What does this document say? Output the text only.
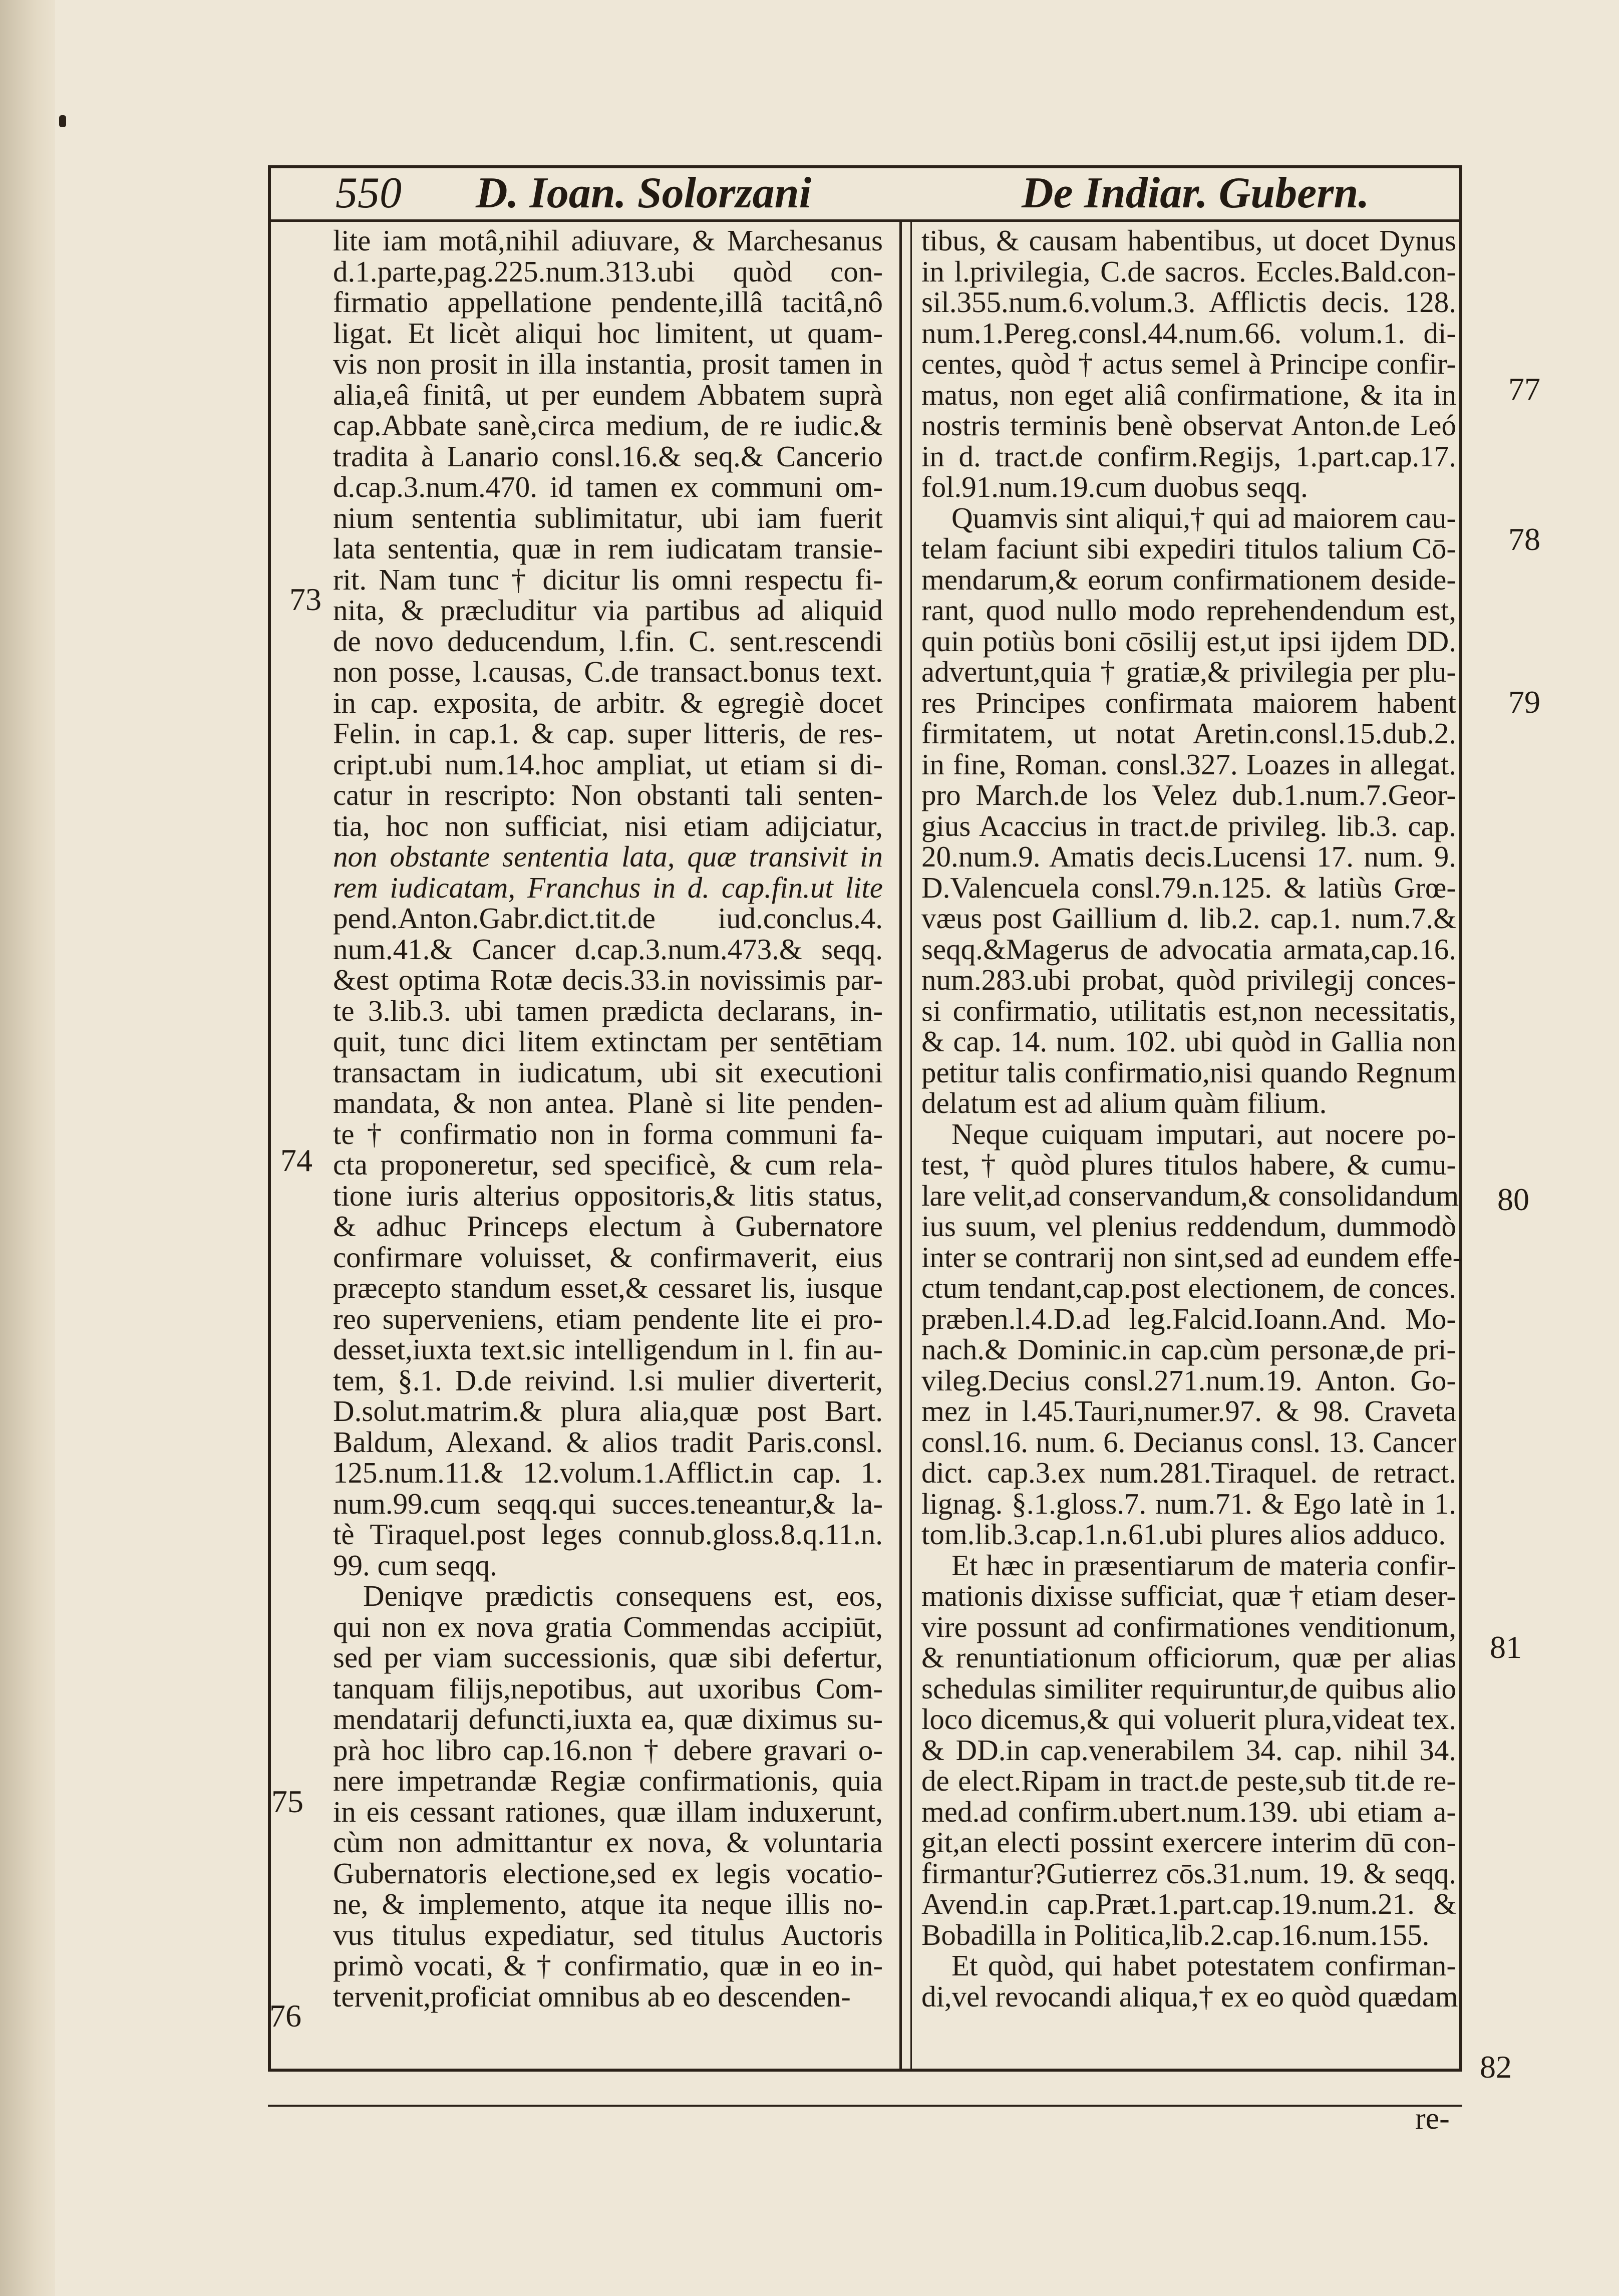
550 D. Ioan. Solorzani	De Indiar. Gubern.
lite iam motâ,nihil adiuvare, & Marchesanus
d.1.parte,pag.225.num.313.ubi quòd con-
firmatio appellatione pendente,illâ tacitâ,nô
ligat. Et licèt aliqui hoc limitent, ut quam-
vis non prosit in illa instantia, prosit tamen in
alia,eâ finitâ, ut per eundem Abbatem suprà
cap.Abbate sanè,circa medium, de re iudic.&
tradita à Lanario consl.16.& seq.& Cancerio
d.cap.3.num.470. id tamen ex communi om-
nium sententia sublimitatur, ubi iam fuerit
lata sententia, quæ in rem iudicatam transie-
rit. Nam tunc † dicitur lis omni respectu fi-
nita, & præcluditur via partibus ad aliquid
de novo deducendum, l.fin. C. sent.rescendi
non posse, l.causas, C.de transact.bonus text.
in cap. exposita, de arbitr. & egregiè docet
Felin. in cap.1. & cap. super litteris, de res-
cript.ubi num.14.hoc ampliat, ut etiam si di-
catur in rescripto: Non obstanti tali senten-
tia, hoc non sufficiat, nisi etiam adijciatur,
non obstante sententia lata, quæ transivit in
rem iudicatam, Franchus in d. cap.fin.ut lite
pend.Anton.Gabr.dict.tit.de iud.conclus.4.
num.41.& Cancer d.cap.3.num.473.& seqq.
&est optima Rotæ decis.33.in novissimis par-
te 3.lib.3. ubi tamen prædicta declarans, in-
quit, tunc dici litem extinctam per sentētiam
transactam in iudicatum, ubi sit executioni
mandata, & non antea. Planè si lite penden-
te † confirmatio non in forma communi fa-
cta proponeretur, sed specificè, & cum rela-
tione iuris alterius oppositoris,& litis status,
& adhuc Princeps electum à Gubernatore
confirmare voluisset, & confirmaverit, eius
præcepto standum esset,& cessaret lis, iusque
reo superveniens, etiam pendente lite ei pro-
desset,iuxta text.sic intelligendum in l. fin au-
tem, §.1. D.de reivind. l.si mulier diverterit,
D.solut.matrim.& plura alia,quæ post Bart.
Baldum, Alexand. & alios tradit Paris.consl.
125.num.11.& 12.volum.1.Afflict.in cap. 1.
num.99.cum seqq.qui succes.teneantur,& la-
tè Tiraquel.post leges connub.gloss.8.q.11.n.
99. cum seqq.
Deniqve prædictis consequens est, eos,
qui non ex nova gratia Commendas accipiūt,
sed per viam successionis, quæ sibi defertur,
tanquam filijs,nepotibus, aut uxoribus Com-
mendatarij defuncti,iuxta ea, quæ diximus su-
prà hoc libro cap.16.non † debere gravari o-
nere impetrandæ Regiæ confirmationis, quia
in eis cessant rationes, quæ illam induxerunt,
cùm non admittantur ex nova, & voluntaria
Gubernatoris electione,sed ex legis vocatio-
ne, & implemento, atque ita neque illis no-
vus titulus expediatur, sed titulus Auctoris
primò vocati, & † confirmatio, quæ in eo in-
tervenit,proficiat omnibus ab eo descenden-
tibus, & causam habentibus, ut docet Dynus
in l.privilegia, C.de sacros. Eccles.Bald.con-
sil.355.num.6.volum.3. Afflictis decis. 128.
num.1.Pereg.consl.44.num.66. volum.1. di-
centes, quòd † actus semel à Principe confir-
matus, non eget aliâ confirmatione, & ita in
nostris terminis benè observat Anton.de Leó
in d. tract.de confirm.Regijs, 1.part.cap.17.
fol.91.num.19.cum duobus seqq.
Quamvis sint aliqui,† qui ad maiorem cau-
telam faciunt sibi expediri titulos talium Cō-
mendarum,& eorum confirmationem deside-
rant, quod nullo modo reprehendendum est,
quin potiùs boni cōsilij est,ut ipsi ijdem DD.
advertunt,quia † gratiæ,& privilegia per plu-
res Principes confirmata maiorem habent
firmitatem, ut notat Aretin.consl.15.dub.2.
in fine, Roman. consl.327. Loazes in allegat.
pro March.de los Velez dub.1.num.7.Geor-
gius Acaccius in tract.de privileg. lib.3. cap.
20.num.9. Amatis decis.Lucensi 17. num. 9.
D.Valencuela consl.79.n.125. & latiùs Grœ-
væus post Gaillium d. lib.2. cap.1. num.7.&
seqq.&Magerus de advocatia armata,cap.16.
num.283.ubi probat, quòd privilegij conces-
si confirmatio, utilitatis est,non necessitatis,
& cap. 14. num. 102. ubi quòd in Gallia non
petitur talis confirmatio,nisi quando Regnum
delatum est ad alium quàm filium.
Neque cuiquam imputari, aut nocere po-
test, † quòd plures titulos habere, & cumu-
lare velit,ad conservandum,& consolidandum
ius suum, vel plenius reddendum, dummodò
inter se contrarij non sint,sed ad eundem effe-
ctum tendant,cap.post electionem, de conces.
præben.l.4.D.ad leg.Falcid.Ioann.And. Mo-
nach.& Dominic.in cap.cùm personæ,de pri-
vileg.Decius consl.271.num.19. Anton. Go-
mez in l.45.Tauri,numer.97. & 98. Craveta
consl.16. num. 6. Decianus consl. 13. Cancer
dict. cap.3.ex num.281.Tiraquel. de retract.
lignag. §.1.gloss.7. num.71. & Ego latè in 1.
tom.lib.3.cap.1.n.61.ubi plures alios adduco.
Et hæc in præsentiarum de materia confir-
mationis dixisse sufficiat, quæ † etiam deser-
vire possunt ad confirmationes venditionum,
& renuntiationum officiorum, quæ per alias
schedulas similiter requiruntur,de quibus alio
loco dicemus,& qui voluerit plura,videat tex.
& DD.in cap.venerabilem 34. cap. nihil 34.
de elect.Ripam in tract.de peste,sub tit.de re-
med.ad confirm.ubert.num.139. ubi etiam a-
git,an electi possint exercere interim dū con-
firmantur?Gutierrez cōs.31.num. 19. & seqq.
Avend.in cap.Præt.1.part.cap.19.num.21. &
Bobadilla in Politica,lib.2.cap.16.num.155.
Et quòd, qui habet potestatem confirman-
di,vel revocandi aliqua,† ex eo quòd quædam
73
74
75
76
77
78
79
80
81
82
re-
